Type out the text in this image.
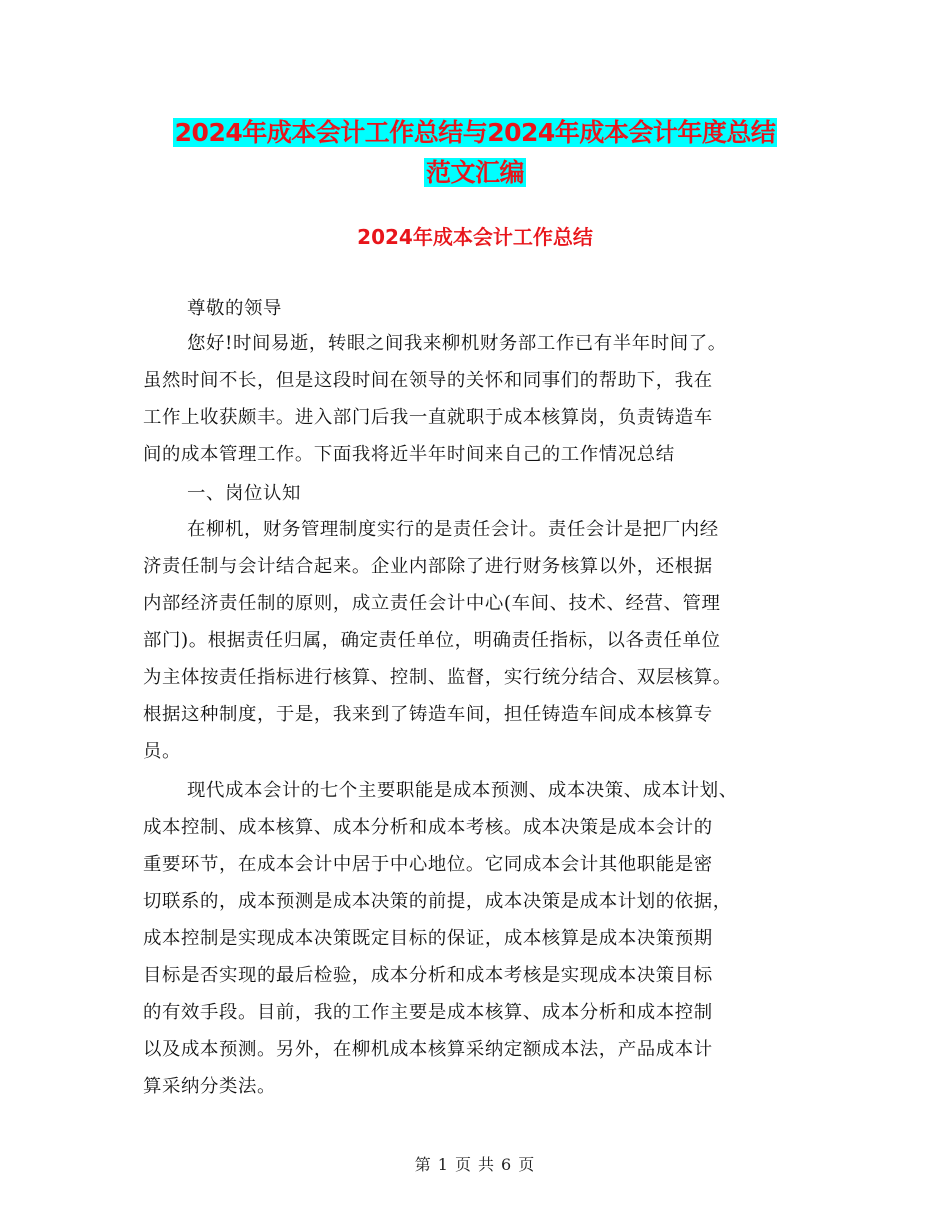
2024年成本会计工作总结与2024年成本会计年度总结
范文汇编
2024年成本会计工作总结
尊敬的领导
您好!时间易逝，转眼之间我来柳机财务部工作已有半年时间了。
虽然时间不长，但是这段时间在领导的关怀和同事们的帮助下，我在
工作上收获颇丰。进入部门后我一直就职于成本核算岗，负责铸造车
间的成本管理工作。下面我将近半年时间来自己的工作情况总结
一、岗位认知
在柳机，财务管理制度实行的是责任会计。责任会计是把厂内经
济责任制与会计结合起来。企业内部除了进行财务核算以外，还根据
内部经济责任制的原则，成立责任会计中心(车间、技术、经营、管理
部门)。根据责任归属，确定责任单位，明确责任指标，以各责任单位
为主体按责任指标进行核算、控制、监督，实行统分结合、双层核算。
根据这种制度，于是，我来到了铸造车间，担任铸造车间成本核算专
员。
现代成本会计的七个主要职能是成本预测、成本决策、成本计划、
成本控制、成本核算、成本分析和成本考核。成本决策是成本会计的
重要环节，在成本会计中居于中心地位。它同成本会计其他职能是密
切联系的，成本预测是成本决策的前提，成本决策是成本计划的依据，
成本控制是实现成本决策既定目标的保证，成本核算是成本决策预期
目标是否实现的最后检验，成本分析和成本考核是实现成本决策目标
的有效手段。目前，我的工作主要是成本核算、成本分析和成本控制
以及成本预测。另外，在柳机成本核算采纳定额成本法，产品成本计
算采纳分类法。
第 1 页 共 6 页
